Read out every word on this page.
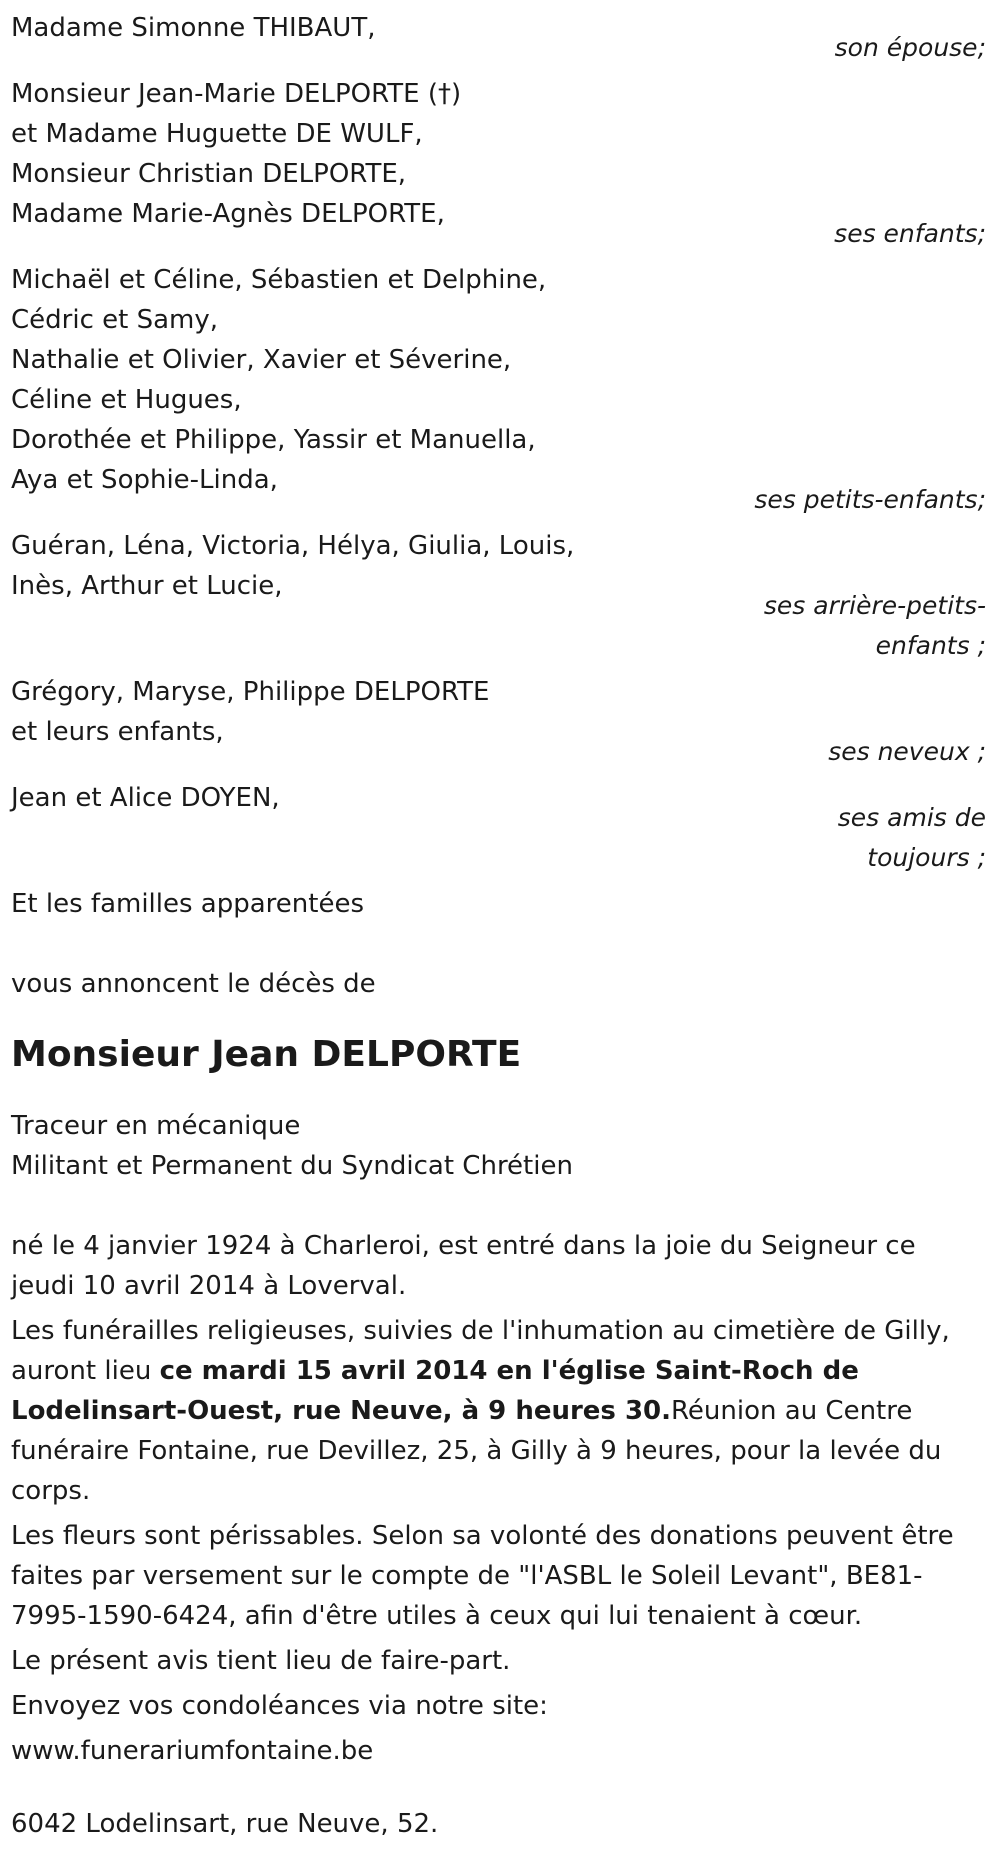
Madame Simonne THIBAUT,
son épouse;
Monsieur Jean-Marie DELPORTE (†)
et Madame Huguette DE WULF,
Monsieur Christian DELPORTE,
Madame Marie-Agnès DELPORTE,
ses enfants;
Michaël et Céline, Sébastien et Delphine,
Cédric et Samy,
Nathalie et Olivier, Xavier et Séverine,
Céline et Hugues,
Dorothée et Philippe, Yassir et Manuella,
Aya et Sophie-Linda,
ses petits-enfants;
Guéran, Léna, Victoria, Hélya, Giulia, Louis,
Inès, Arthur et Lucie,
ses arrière-petits-
enfants ;
Grégory, Maryse, Philippe DELPORTE
et leurs enfants,
ses neveux ;
Jean et Alice DOYEN,
ses amis de
toujours ;
Et les familles apparentées
vous annoncent le décès de
Monsieur Jean DELPORTE
Traceur en mécanique
Militant et Permanent du Syndicat Chrétien
né le 4 janvier 1924 à Charleroi, est entré dans la joie du Seigneur ce jeudi 10 avril 2014 à Loverval.
Les funérailles religieuses, suivies de l'inhumation au cimetière de Gilly, auront lieu ce mardi 15 avril 2014 en l'église Saint-Roch de Lodelinsart-Ouest, rue Neuve, à 9 heures 30.Réunion au Centre funéraire Fontaine, rue Devillez, 25, à Gilly à 9 heures, pour la levée du corps.
Les fleurs sont périssables. Selon sa volonté des donations peuvent être faites par versement sur le compte de "l'ASBL le Soleil Levant", BE81-7995-1590-6424, afin d'être utiles à ceux qui lui tenaient à cœur.
Le présent avis tient lieu de faire-part.
Envoyez vos condoléances via notre site:
www.funerariumfontaine.be
6042 Lodelinsart, rue Neuve, 52.
